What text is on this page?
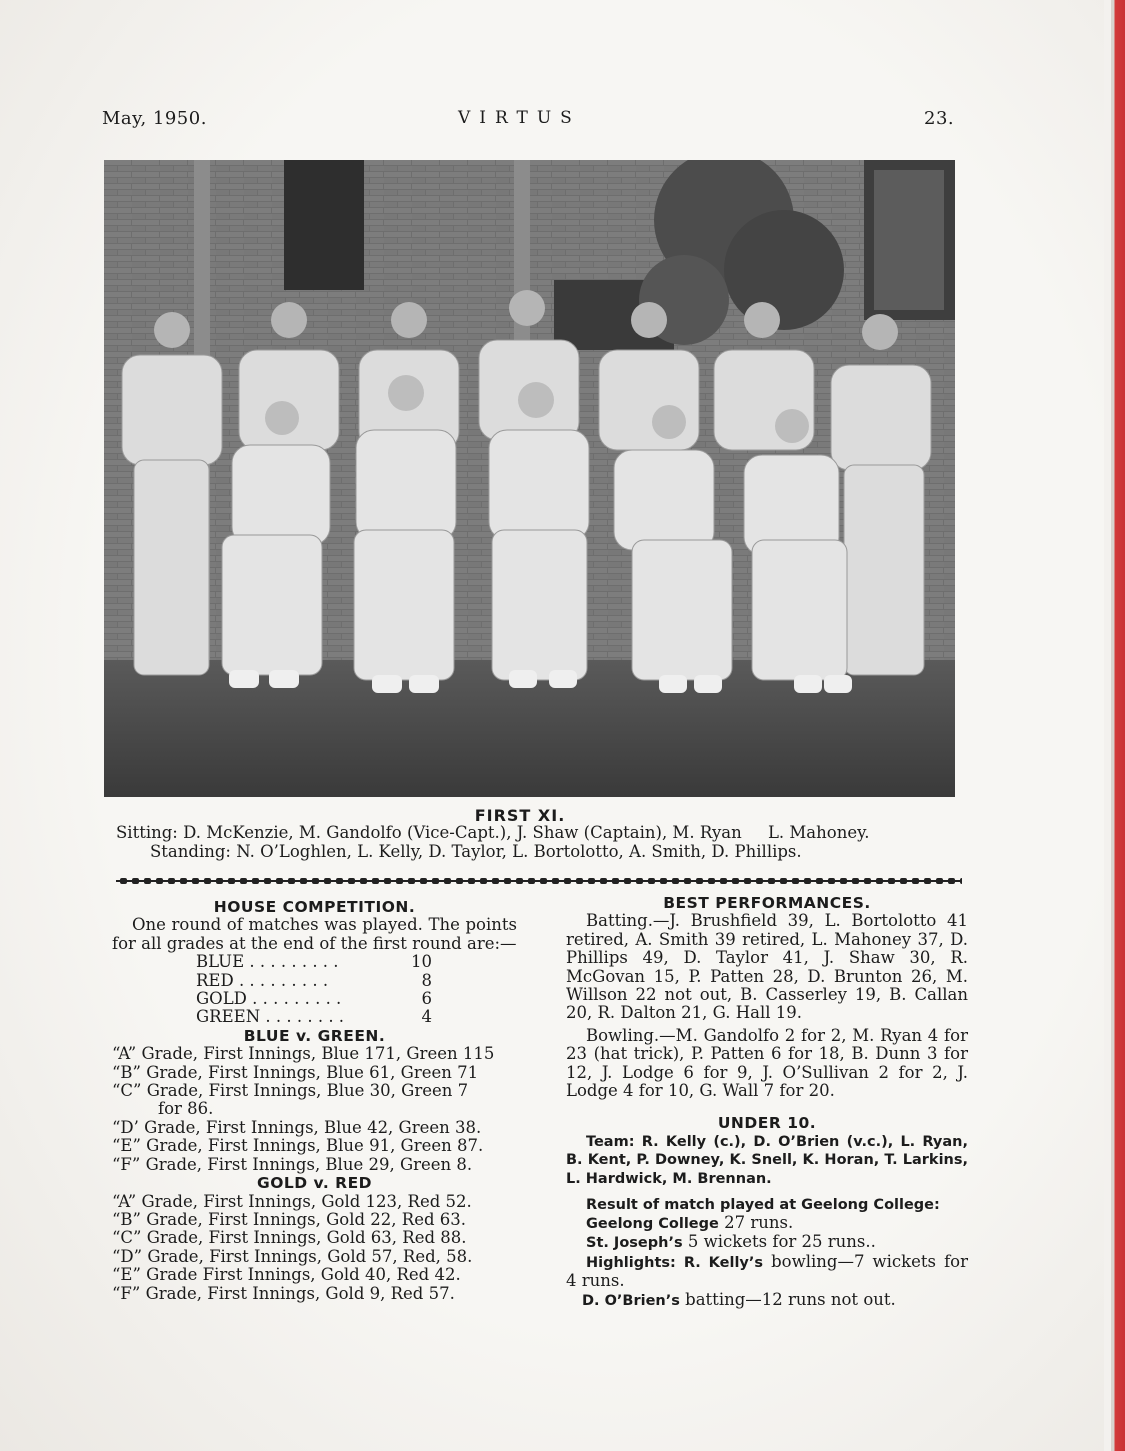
May, 1950.	VIRTUS	23.
FIRST XI.
Sitting: D. McKenzie, M. Gandolfo (Vice-Capt.), J. Shaw (Captain), M. Ryan     L. Mahoney.
Standing: N. O’Loghlen, L. Kelly, D. Taylor, L. Bortolotto, A. Smith, D. Phillips.
HOUSE COMPETITION.

One round of matches was played. The points for all grades at the end of the first round are:—

BLUE . . . . . . . . .	10
RED . . . . . . . . .	8
GOLD . . . . . . . . .	6
GREEN . . . . . . . .	4
BLUE v. GREEN.
“A” Grade, First Innings, Blue 171, Green 115
“B” Grade, First Innings, Blue 61, Green 71
“C” Grade, First Innings, Blue 30, Green 7
for 86.
“D’ Grade, First Innings, Blue 42, Green 38.
“E” Grade, First Innings, Blue 91, Green 87.
“F” Grade, First Innings, Blue 29, Green 8.
GOLD v. RED
“A” Grade, First Innings, Gold 123, Red 52.
“B” Grade, First Innings, Gold 22, Red 63.
“C” Grade, First Innings, Gold 63, Red 88.
“D” Grade, First Innings, Gold 57, Red, 58.
“E” Grade First Innings, Gold 40, Red 42.
“F” Grade, First Innings, Gold 9, Red 57.
BEST PERFORMANCES.

Batting.—J. Brushfield 39, L. Bortolotto 41 retired, A. Smith 39 retired, L. Mahoney 37, D. Phillips 49, D. Taylor 41, J. Shaw 30, R. McGovan 15, P. Patten 28, D. Brunton 26, M. Willson 22 not out, B. Casserley 19, B. Callan 20, R. Dalton 21, G. Hall 19.

Bowling.—M. Gandolfo 2 for 2, M. Ryan 4 for 23 (hat trick), P. Patten 6 for 18, B. Dunn 3 for 12, J. Lodge 6 for 9, J. O’Sullivan 2 for 2, J. Lodge 4 for 10, G. Wall 7 for 20.

UNDER 10.

Team: R. Kelly (c.), D. O’Brien (v.c.), L. Ryan, B. Kent, P. Downey, K. Snell, K. Horan, T. Larkins, L. Hardwick, M. Brennan.

Result of match played at Geelong College:
Geelong College 27 runs.
St. Joseph’s 5 wickets for 25 runs..

Highlights: R. Kelly’s bowling—7 wickets for 4 runs.

D. O’Brien’s batting—12 runs not out.
